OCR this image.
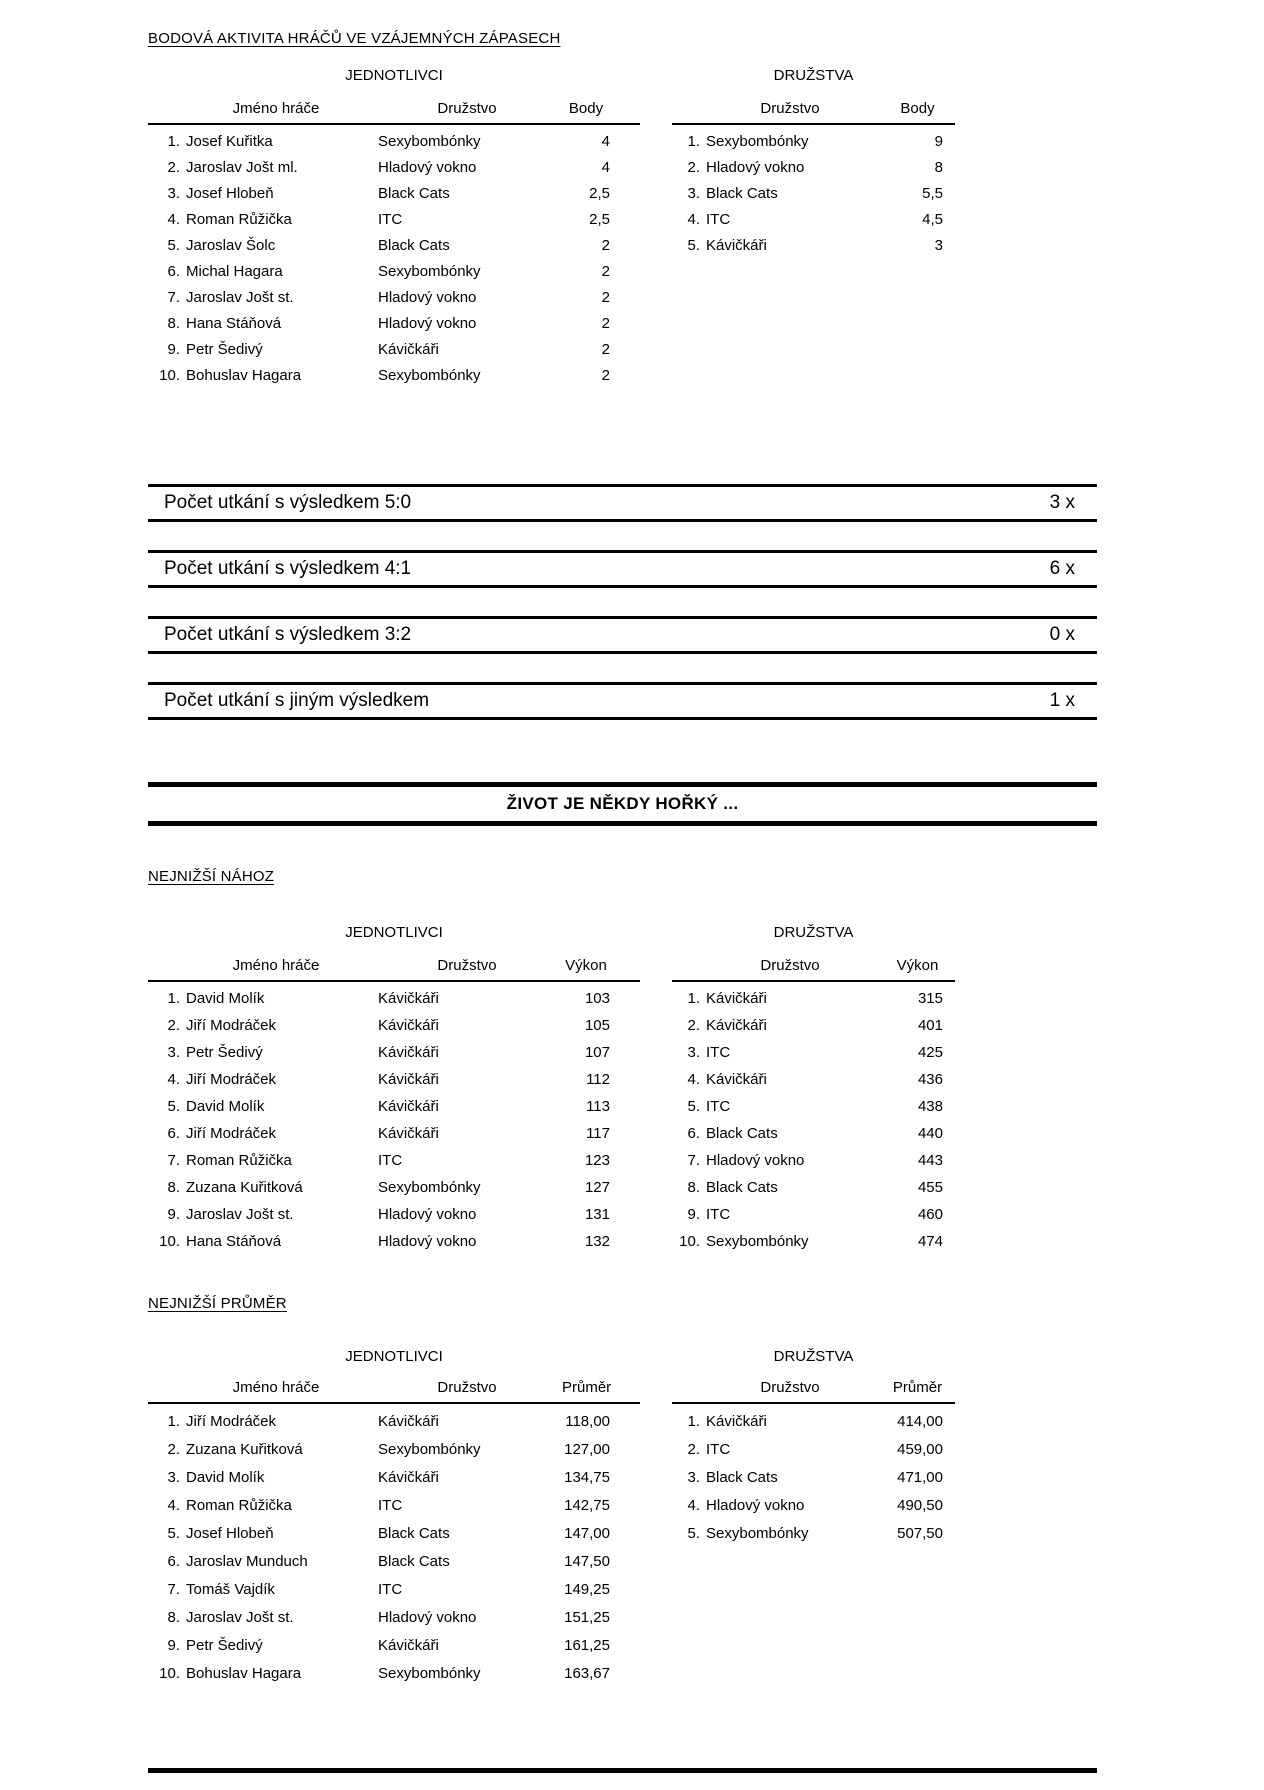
BODOVÁ AKTIVITA HRÁČŮ VE VZÁJEMNÝCH ZÁPASECH
JEDNOTLIVCI	DRUŽSTVA
Jméno hráče	Družstvo	Body
1. Josef Kuřitka	Sexybombónky	4
2. Jaroslav Jošt ml.	Hladový vokno	4
3. Josef Hlobeň	Black Cats	2,5
4. Roman Růžička	ITC	2,5
5. Jaroslav Šolc	Black Cats	2
6. Michal Hagara	Sexybombónky	2
7. Jaroslav Jošt st.	Hladový vokno	2
8. Hana Stáňová	Hladový vokno	2
9. Petr Šedivý	Kávičkáři	2
10. Bohuslav Hagara	Sexybombónky	2
Družstvo	Body
1. Sexybombónky	9
2. Hladový vokno	8
3. Black Cats	5,5
4. ITC	4,5
5. Kávičkáři	3
Počet utkání s výsledkem 5:0	3 x
Počet utkání s výsledkem 4:1	6 x
Počet utkání s výsledkem 3:2	0 x
Počet utkání s jiným výsledkem	1 x
ŽIVOT JE NĚKDY HOŘKÝ ...
NEJNIŽŠÍ NÁHOZ
JEDNOTLIVCI	DRUŽSTVA
Jméno hráče	Družstvo	Výkon
1. David Molík	Kávičkáři	103
2. Jiří Modráček	Kávičkáři	105
3. Petr Šedivý	Kávičkáři	107
4. Jiří Modráček	Kávičkáři	112
5. David Molík	Kávičkáři	113
6. Jiří Modráček	Kávičkáři	117
7. Roman Růžička	ITC	123
8. Zuzana Kuřitková	Sexybombónky	127
9. Jaroslav Jošt st.	Hladový vokno	131
10. Hana Stáňová	Hladový vokno	132
Družstvo	Výkon
1. Kávičkáři	315
2. Kávičkáři	401
3. ITC	425
4. Kávičkáři	436
5. ITC	438
6. Black Cats	440
7. Hladový vokno	443
8. Black Cats	455
9. ITC	460
10. Sexybombónky	474
NEJNIŽŠÍ PRŮMĚR
JEDNOTLIVCI	DRUŽSTVA
Jméno hráče	Družstvo	Průměr
1. Jiří Modráček	Kávičkáři	118,00
2. Zuzana Kuřitková	Sexybombónky	127,00
3. David Molík	Kávičkáři	134,75
4. Roman Růžička	ITC	142,75
5. Josef Hlobeň	Black Cats	147,00
6. Jaroslav Munduch	Black Cats	147,50
7. Tomáš Vajdík	ITC	149,25
8. Jaroslav Jošt st.	Hladový vokno	151,25
9. Petr Šedivý	Kávičkáři	161,25
10. Bohuslav Hagara	Sexybombónky	163,67
Družstvo	Průměr
1. Kávičkáři	414,00
2. ITC	459,00
3. Black Cats	471,00
4. Hladový vokno	490,50
5. Sexybombónky	507,50
